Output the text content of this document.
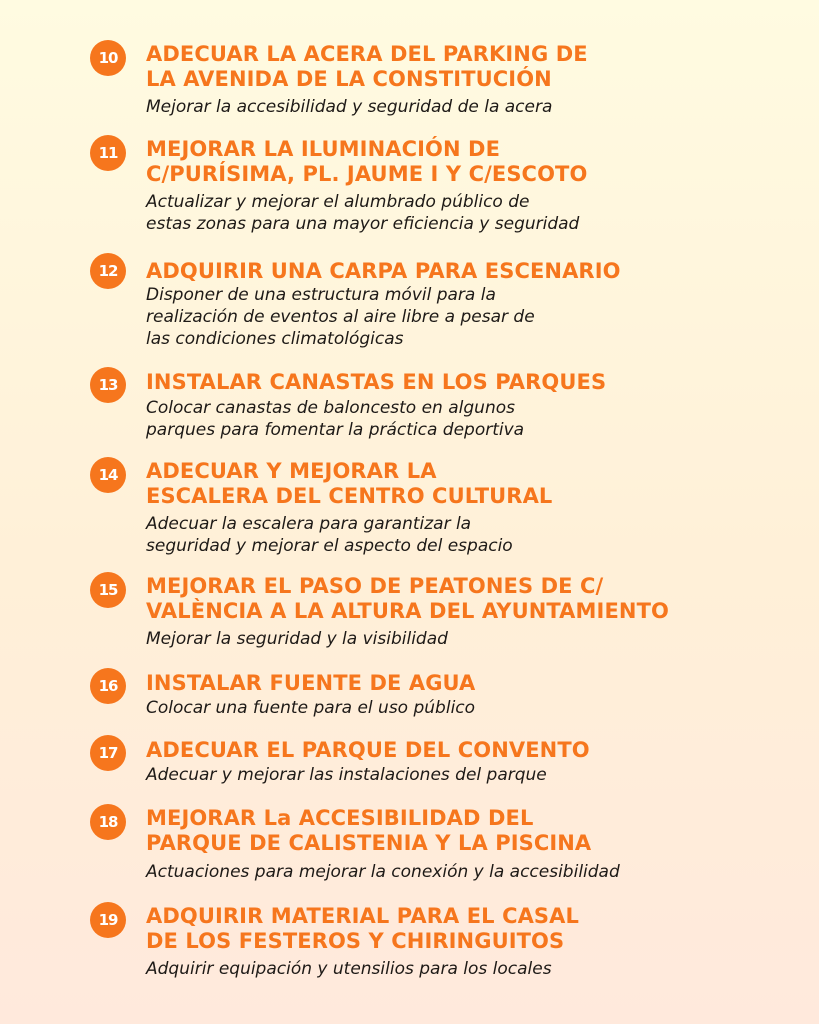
10	ADECUAR LA ACERA DEL PARKING DE
LA AVENIDA DE LA CONSTITUCIÓN

Mejorar la accesibilidad y seguridad de la acera

11	MEJORAR LA ILUMINACIÓN DE
C/PURÍSIMA, PL. JAUME I Y C/ESCOTO

Actualizar y mejorar el alumbrado público de
estas zonas para una mayor eficiencia y seguridad

12	ADQUIRIR UNA CARPA PARA ESCENARIO

Disponer de una estructura móvil para la
realización de eventos al aire libre a pesar de
las condiciones climatológicas

13	INSTALAR CANASTAS EN LOS PARQUES

Colocar canastas de baloncesto en algunos
parques para fomentar la práctica deportiva

14	ADECUAR Y MEJORAR LA
ESCALERA DEL CENTRO CULTURAL

Adecuar la escalera para garantizar la
seguridad y mejorar el aspecto del espacio

15	MEJORAR EL PASO DE PEATONES DE C/
VALÈNCIA A LA ALTURA DEL AYUNTAMIENTO

Mejorar la seguridad y la visibilidad

16	INSTALAR FUENTE DE AGUA

Colocar una fuente para el uso público

17	ADECUAR EL PARQUE DEL CONVENTO

Adecuar y mejorar las instalaciones del parque

18	MEJORAR La ACCESIBILIDAD DEL
PARQUE DE CALISTENIA Y LA PISCINA

Actuaciones para mejorar la conexión y la accesibilidad

19	ADQUIRIR MATERIAL PARA EL CASAL
DE LOS FESTEROS Y CHIRINGUITOS

Adquirir equipación y utensilios para los locales
